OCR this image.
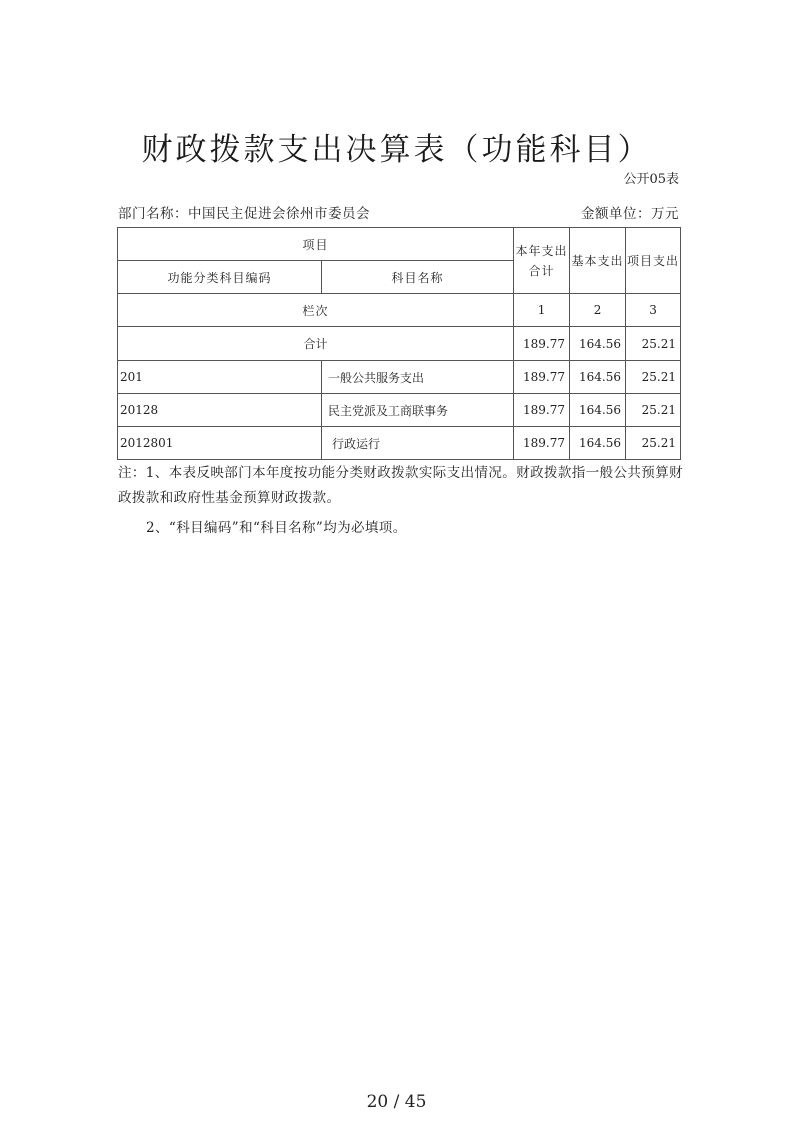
财政拨款支出决算表（功能科目）
公开05表
部门名称：中国民主促进会徐州市委员会	金额单位：万元
项目		本年支出合计	基本支出	项目支出
功能分类科目编码	科目名称			
栏次		1	2	3
合计		189.77	164.56	25.21
201	一般公共服务支出	189.77	164.56	25.21
20128	民主党派及工商联事务	189.77	164.56	25.21
2012801	行政运行	189.77	164.56	25.21
注：1、本表反映部门本年度按功能分类财政拨款实际支出情况。财政拨款指一般公共预算财政拨款和政府性基金预算财政拨款。
2、“科目编码”和“科目名称”均为必填项。
20 / 45
